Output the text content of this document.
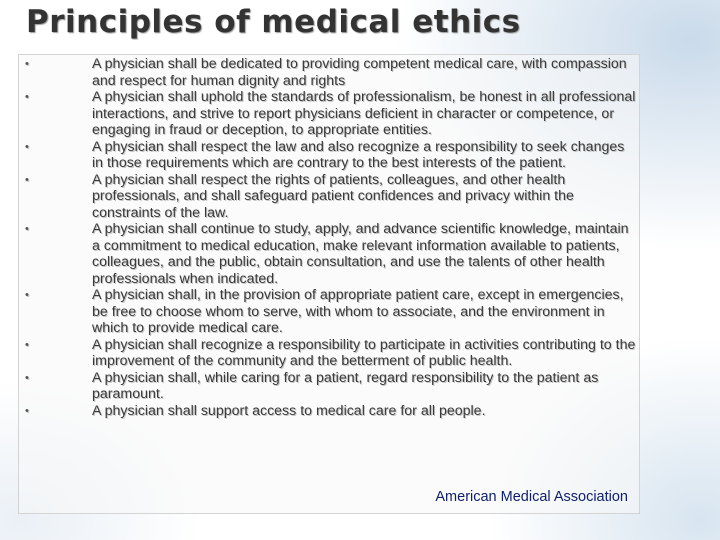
Principles of medical ethics
•	A physician shall be dedicated to providing competent medical care, with compassion and respect for human dignity and rights
•	A physician shall uphold the standards of professionalism, be honest in all professional interactions, and strive to report physicians deficient in character or competence, or engaging in fraud or deception, to appropriate entities.
•	A physician shall respect the law and also recognize a responsibility to seek changes in those requirements which are contrary to the best interests of the patient.
•	A physician shall respect the rights of patients, colleagues, and other health professionals, and shall safeguard patient confidences and privacy within the constraints of the law.
•	A physician shall continue to study, apply, and advance scientific knowledge, maintain a commitment to medical education, make relevant information available to patients, colleagues, and the public, obtain consultation, and use the talents of other health professionals when indicated.
•	A physician shall, in the provision of appropriate patient care, except in emergencies, be free to choose whom to serve, with whom to associate, and the environment in which to provide medical care.
•	A physician shall recognize a responsibility to participate in activities contributing to the improvement of the community and the betterment of public health.
•	A physician shall, while caring for a patient, regard responsibility to the patient as paramount.
•	A physician shall support access to medical care for all people.
American Medical Association
